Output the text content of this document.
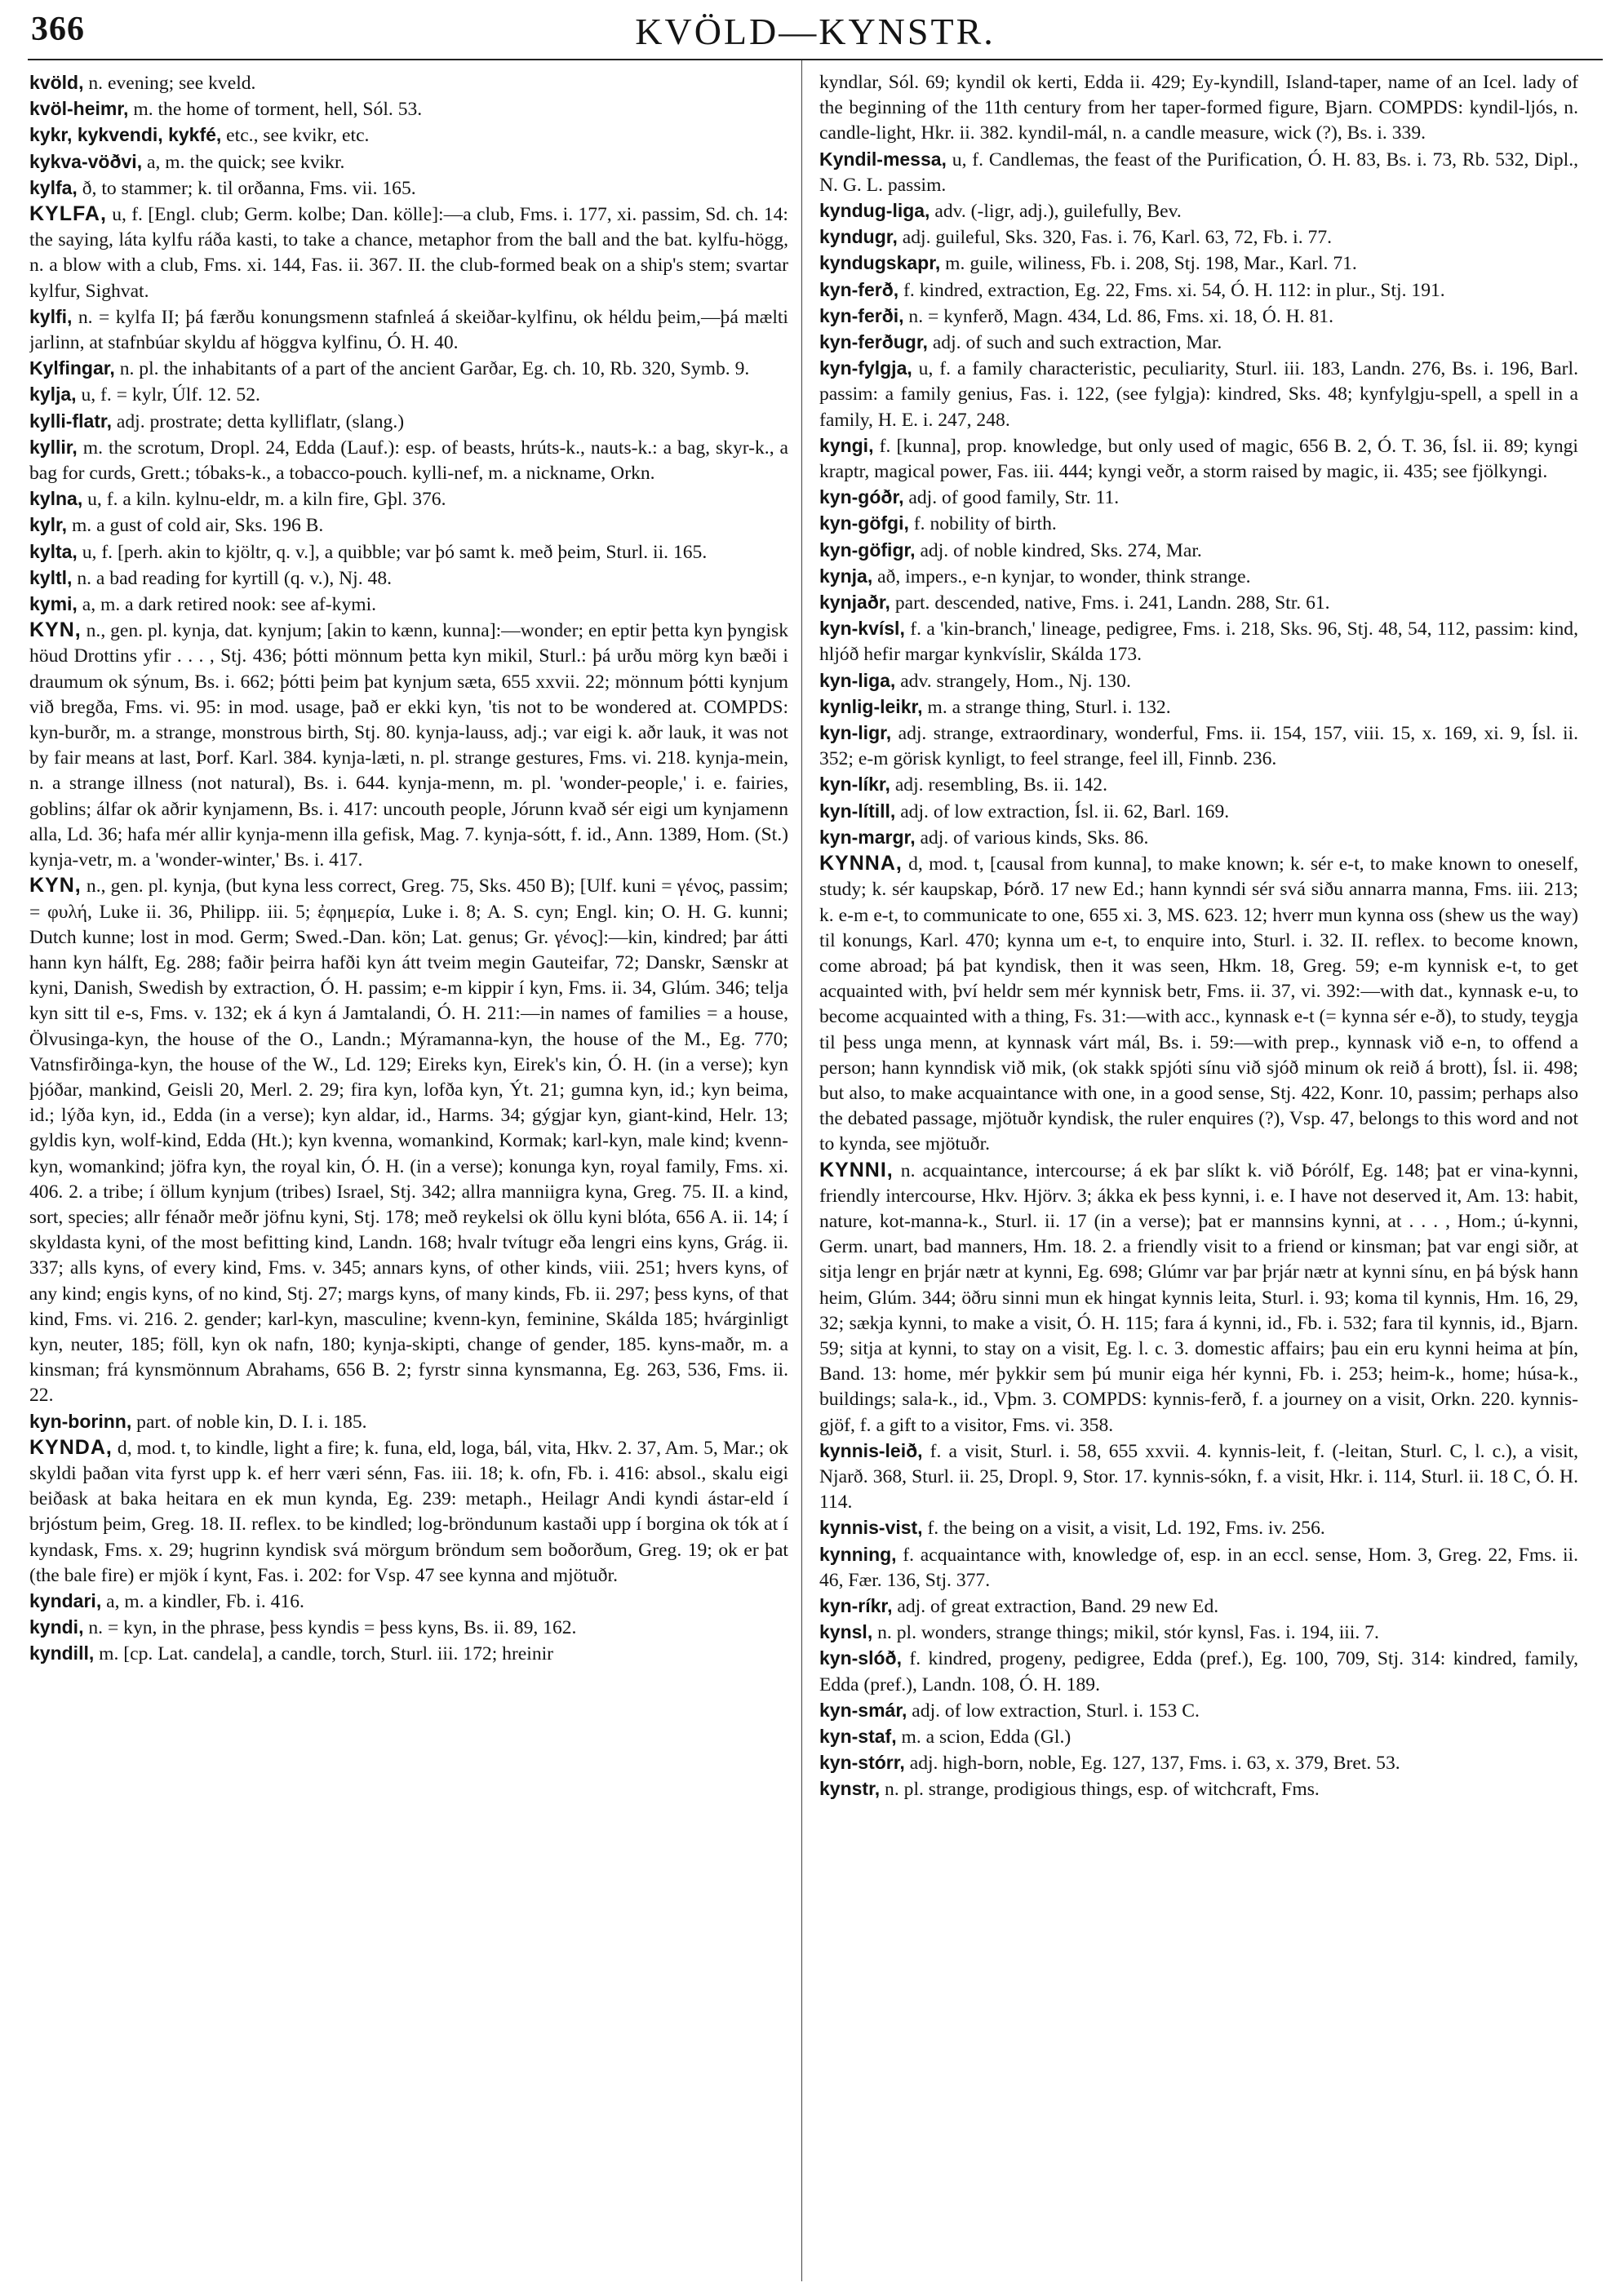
366	KVÖLD—KYNSTR.
kvöld, n. evening; see kveld.
kvöl-heimr, m. the home of torment, hell, Sól. 53.
kykr, kykvendi, kykfé, etc., see kvikr, etc.
kykva-vöðvi, a, m. the quick; see kvikr.
kylfa, ð, to stammer; k. til orðanna, Fms. vii. 165.
KYLFA, u, f. [Engl. club; Germ. kolbe; Dan. kölle]:—a club, Fms. i. 177, xi. passim, Sd. ch. 14: the saying, láta kylfu ráða kasti, to take a chance, metaphor from the ball and the bat. kylfu-högg, n. a blow with a club, Fms. xi. 144, Fas. ii. 367. II. the club-formed beak on a ship's stem; svartar kylfur, Sighvat.
kylfi, n. = kylfa II; þá færðu konungsmenn stafnleá á skeiðar-kylfinu, ok héldu þeim,—þá mælti jarlinn, at stafnbúar skyldu af höggva kylfinu, Ó. H. 40.
Kylfingar, n. pl. the inhabitants of a part of the ancient Garðar, Eg. ch. 10, Rb. 320, Symb. 9.
kylja, u, f. = kylr, Úlf. 12. 52.
kylli-flatr, adj. prostrate; detta kylliflatr, (slang.)
kyllir, m. the scrotum, Dropl. 24, Edda (Lauf.): esp. of beasts, hrúts-k., nauts-k.: a bag, skyr-k., a bag for curds, Grett.; tóbaks-k., a tobacco-pouch. kylli-nef, m. a nickname, Orkn.
kylna, u, f. a kiln. kylnu-eldr, m. a kiln fire, Gþl. 376.
kylr, m. a gust of cold air, Sks. 196 B.
kylta, u, f. [perh. akin to kjöltr, q. v.], a quibble; var þó samt k. með þeim, Sturl. ii. 165.
kyltl, n. a bad reading for kyrtill (q. v.), Nj. 48.
kymi, a, m. a dark retired nook: see af-kymi.
KYN, n., gen. pl. kynja, dat. kynjum; [akin to kænn, kunna]:—wonder; en eptir þetta kyn þyngisk höud Drottins yfir . . . , Stj. 436; þótti mönnum þetta kyn mikil, Sturl.: þá urðu mörg kyn bæði i draumum ok sýnum, Bs. i. 662; þótti þeim þat kynjum sæta, 655 xxvii. 22; mönnum þótti kynjum við bregða, Fms. vi. 95: in mod. usage, það er ekki kyn, 'tis not to be wondered at. COMPDS: kyn-burðr, m. a strange, monstrous birth, Stj. 80. kynja-lauss, adj.; var eigi k. aðr lauk, it was not by fair means at last, Þorf. Karl. 384. kynja-læti, n. pl. strange gestures, Fms. vi. 218. kynja-mein, n. a strange illness (not natural), Bs. i. 644. kynja-menn, m. pl. 'wonder-people,' i. e. fairies, goblins; álfar ok aðrir kynjamenn, Bs. i. 417: uncouth people, Jórunn kvað sér eigi um kynjamenn alla, Ld. 36; hafa mér allir kynja-menn illa gefisk, Mag. 7. kynja-sótt, f. id., Ann. 1389, Hom. (St.) kynja-vetr, m. a 'wonder-winter,' Bs. i. 417.
KYN, n., gen. pl. kynja, (but kyna less correct, Greg. 75, Sks. 450 B); [Ulf. kuni = γένος, passim; = φυλή, Luke ii. 36, Philipp. iii. 5; ἐφημερία, Luke i. 8; A. S. cyn; Engl. kin; O. H. G. kunni; Dutch kunne; lost in mod. Germ; Swed.-Dan. kön; Lat. genus; Gr. γένος]:—kin, kindred; þar átti hann kyn hálft, Eg. 288; faðir þeirra hafði kyn átt tveim megin Gauteifar, 72; Danskr, Sænskr at kyni, Danish, Swedish by extraction, Ó. H. passim; e-m kippir í kyn, Fms. ii. 34, Glúm. 346; telja kyn sitt til e-s, Fms. v. 132; ek á kyn á Jamtalandi, Ó. H. 211:—in names of families = a house, Ölvusinga-kyn, the house of the O., Landn.; Mýramanna-kyn, the house of the M., Eg. 770; Vatnsfirðinga-kyn, the house of the W., Ld. 129; Eireks kyn, Eirek's kin, Ó. H. (in a verse); kyn þjóðar, mankind, Geisli 20, Merl. 2. 29; fira kyn, lofða kyn, Ýt. 21; gumna kyn, id.; kyn beima, id.; lýða kyn, id., Edda (in a verse); kyn aldar, id., Harms. 34; gýgjar kyn, giant-kind, Helr. 13; gyldis kyn, wolf-kind, Edda (Ht.); kyn kvenna, womankind, Kormak; karl-kyn, male kind; kvenn-kyn, womankind; jöfra kyn, the royal kin, Ó. H. (in a verse); konunga kyn, royal family, Fms. xi. 406. 2. a tribe; í öllum kynjum (tribes) Israel, Stj. 342; allra manniigra kyna, Greg. 75. II. a kind, sort, species; allr fénaðr meðr jöfnu kyni, Stj. 178; með reykelsi ok öllu kyni blóta, 656 A. ii. 14; í skyldasta kyni, of the most befitting kind, Landn. 168; hvalr tvítugr eða lengri eins kyns, Grág. ii. 337; alls kyns, of every kind, Fms. v. 345; annars kyns, of other kinds, viii. 251; hvers kyns, of any kind; engis kyns, of no kind, Stj. 27; margs kyns, of many kinds, Fb. ii. 297; þess kyns, of that kind, Fms. vi. 216. 2. gender; karl-kyn, masculine; kvenn-kyn, feminine, Skálda 185; hvárginligt kyn, neuter, 185; föll, kyn ok nafn, 180; kynja-skipti, change of gender, 185. kyns-maðr, m. a kinsman; frá kynsmönnum Abrahams, 656 B. 2; fyrstr sinna kynsmanna, Eg. 263, 536, Fms. ii. 22.
kyn-borinn, part. of noble kin, D. I. i. 185.
KYNDA, d, mod. t, to kindle, light a fire; k. funa, eld, loga, bál, vita, Hkv. 2. 37, Am. 5, Mar.; ok skyldi þaðan vita fyrst upp k. ef herr væri sénn, Fas. iii. 18; k. ofn, Fb. i. 416: absol., skalu eigi beiðask at baka heitara en ek mun kynda, Eg. 239: metaph., Heilagr Andi kyndi ástar-eld í brjóstum þeim, Greg. 18. II. reflex. to be kindled; log-bröndunum kastaði upp í borgina ok tók at í kyndask, Fms. x. 29; hugrinn kyndisk svá mörgum bröndum sem boðorðum, Greg. 19; ok er þat (the bale fire) er mjök í kynt, Fas. i. 202: for Vsp. 47 see kynna and mjötuðr.
kyndari, a, m. a kindler, Fb. i. 416.
kyndi, n. = kyn, in the phrase, þess kyndis = þess kyns, Bs. ii. 89, 162.
kyndill, m. [cp. Lat. candela], a candle, torch, Sturl. iii. 172; hreinir
kyndlar, Sól. 69; kyndil ok kerti, Edda ii. 429; Ey-kyndill, Island-taper, name of an Icel. lady of the beginning of the 11th century from her taper-formed figure, Bjarn. COMPDS: kyndil-ljós, n. candle-light, Hkr. ii. 382. kyndil-mál, n. a candle measure, wick (?), Bs. i. 339.
Kyndil-messa, u, f. Candlemas, the feast of the Purification, Ó. H. 83, Bs. i. 73, Rb. 532, Dipl., N. G. L. passim.
kyndug-liga, adv. (-ligr, adj.), guilefully, Bev.
kyndugr, adj. guileful, Sks. 320, Fas. i. 76, Karl. 63, 72, Fb. i. 77.
kyndugskapr, m. guile, wiliness, Fb. i. 208, Stj. 198, Mar., Karl. 71.
kyn-ferð, f. kindred, extraction, Eg. 22, Fms. xi. 54, Ó. H. 112: in plur., Stj. 191.
kyn-ferði, n. = kynferð, Magn. 434, Ld. 86, Fms. xi. 18, Ó. H. 81.
kyn-ferðugr, adj. of such and such extraction, Mar.
kyn-fylgja, u, f. a family characteristic, peculiarity, Sturl. iii. 183, Landn. 276, Bs. i. 196, Barl. passim: a family genius, Fas. i. 122, (see fylgja): kindred, Sks. 48; kynfylgju-spell, a spell in a family, H. E. i. 247, 248.
kyngi, f. [kunna], prop. knowledge, but only used of magic, 656 B. 2, Ó. T. 36, Ísl. ii. 89; kyngi kraptr, magical power, Fas. iii. 444; kyngi veðr, a storm raised by magic, ii. 435; see fjölkyngi.
kyn-góðr, adj. of good family, Str. 11.
kyn-göfgi, f. nobility of birth.
kyn-göfigr, adj. of noble kindred, Sks. 274, Mar.
kynja, að, impers., e-n kynjar, to wonder, think strange.
kynjaðr, part. descended, native, Fms. i. 241, Landn. 288, Str. 61.
kyn-kvísl, f. a 'kin-branch,' lineage, pedigree, Fms. i. 218, Sks. 96, Stj. 48, 54, 112, passim: kind, hljóð hefir margar kynkvíslir, Skálda 173.
kyn-liga, adv. strangely, Hom., Nj. 130.
kynlig-leikr, m. a strange thing, Sturl. i. 132.
kyn-ligr, adj. strange, extraordinary, wonderful, Fms. ii. 154, 157, viii. 15, x. 169, xi. 9, Ísl. ii. 352; e-m görisk kynligt, to feel strange, feel ill, Finnb. 236.
kyn-líkr, adj. resembling, Bs. ii. 142.
kyn-lítill, adj. of low extraction, Ísl. ii. 62, Barl. 169.
kyn-margr, adj. of various kinds, Sks. 86.
KYNNA, d, mod. t, [causal from kunna], to make known; k. sér e-t, to make known to oneself, study; k. sér kaupskap, Þórð. 17 new Ed.; hann kynndi sér svá siðu annarra manna, Fms. iii. 213; k. e-m e-t, to communicate to one, 655 xi. 3, MS. 623. 12; hverr mun kynna oss (shew us the way) til konungs, Karl. 470; kynna um e-t, to enquire into, Sturl. i. 32. II. reflex. to become known, come abroad; þá þat kyndisk, then it was seen, Hkm. 18, Greg. 59; e-m kynnisk e-t, to get acquainted with, því heldr sem mér kynnisk betr, Fms. ii. 37, vi. 392:—with dat., kynnask e-u, to become acquainted with a thing, Fs. 31:—with acc., kynnask e-t (= kynna sér e-ð), to study, teygja til þess unga menn, at kynnask várt mál, Bs. i. 59:—with prep., kynnask við e-n, to offend a person; hann kynndisk við mik, (ok stakk spjóti sínu við sjóð minum ok reið á brott), Ísl. ii. 498; but also, to make acquaintance with one, in a good sense, Stj. 422, Konr. 10, passim; perhaps also the debated passage, mjötuðr kyndisk, the ruler enquires (?), Vsp. 47, belongs to this word and not to kynda, see mjötuðr.
KYNNI, n. acquaintance, intercourse; á ek þar slíkt k. við Þórólf, Eg. 148; þat er vina-kynni, friendly intercourse, Hkv. Hjörv. 3; ákka ek þess kynni, i. e. I have not deserved it, Am. 13: habit, nature, kot-manna-k., Sturl. ii. 17 (in a verse); þat er mannsins kynni, at . . . , Hom.; ú-kynni, Germ. unart, bad manners, Hm. 18. 2. a friendly visit to a friend or kinsman; þat var engi siðr, at sitja lengr en þrjár nætr at kynni, Eg. 698; Glúmr var þar þrjár nætr at kynni sínu, en þá býsk hann heim, Glúm. 344; öðru sinni mun ek hingat kynnis leita, Sturl. i. 93; koma til kynnis, Hm. 16, 29, 32; sækja kynni, to make a visit, Ó. H. 115; fara á kynni, id., Fb. i. 532; fara til kynnis, id., Bjarn. 59; sitja at kynni, to stay on a visit, Eg. l. c. 3. domestic affairs; þau ein eru kynni heima at þín, Band. 13: home, mér þykkir sem þú munir eiga hér kynni, Fb. i. 253; heim-k., home; húsa-k., buildings; sala-k., id., Vþm. 3. COMPDS: kynnis-ferð, f. a journey on a visit, Orkn. 220. kynnis-gjöf, f. a gift to a visitor, Fms. vi. 358.
kynnis-leið, f. a visit, Sturl. i. 58, 655 xxvii. 4. kynnis-leit, f. (-leitan, Sturl. C, l. c.), a visit, Njarð. 368, Sturl. ii. 25, Dropl. 9, Stor. 17. kynnis-sókn, f. a visit, Hkr. i. 114, Sturl. ii. 18 C, Ó. H. 114.
kynnis-vist, f. the being on a visit, a visit, Ld. 192, Fms. iv. 256.
kynning, f. acquaintance with, knowledge of, esp. in an eccl. sense, Hom. 3, Greg. 22, Fms. ii. 46, Fær. 136, Stj. 377.
kyn-ríkr, adj. of great extraction, Band. 29 new Ed.
kynsl, n. pl. wonders, strange things; mikil, stór kynsl, Fas. i. 194, iii. 7.
kyn-slóð, f. kindred, progeny, pedigree, Edda (pref.), Eg. 100, 709, Stj. 314: kindred, family, Edda (pref.), Landn. 108, Ó. H. 189.
kyn-smár, adj. of low extraction, Sturl. i. 153 C.
kyn-staf, m. a scion, Edda (Gl.)
kyn-stórr, adj. high-born, noble, Eg. 127, 137, Fms. i. 63, x. 379, Bret. 53.
kynstr, n. pl. strange, prodigious things, esp. of witchcraft, Fms.
